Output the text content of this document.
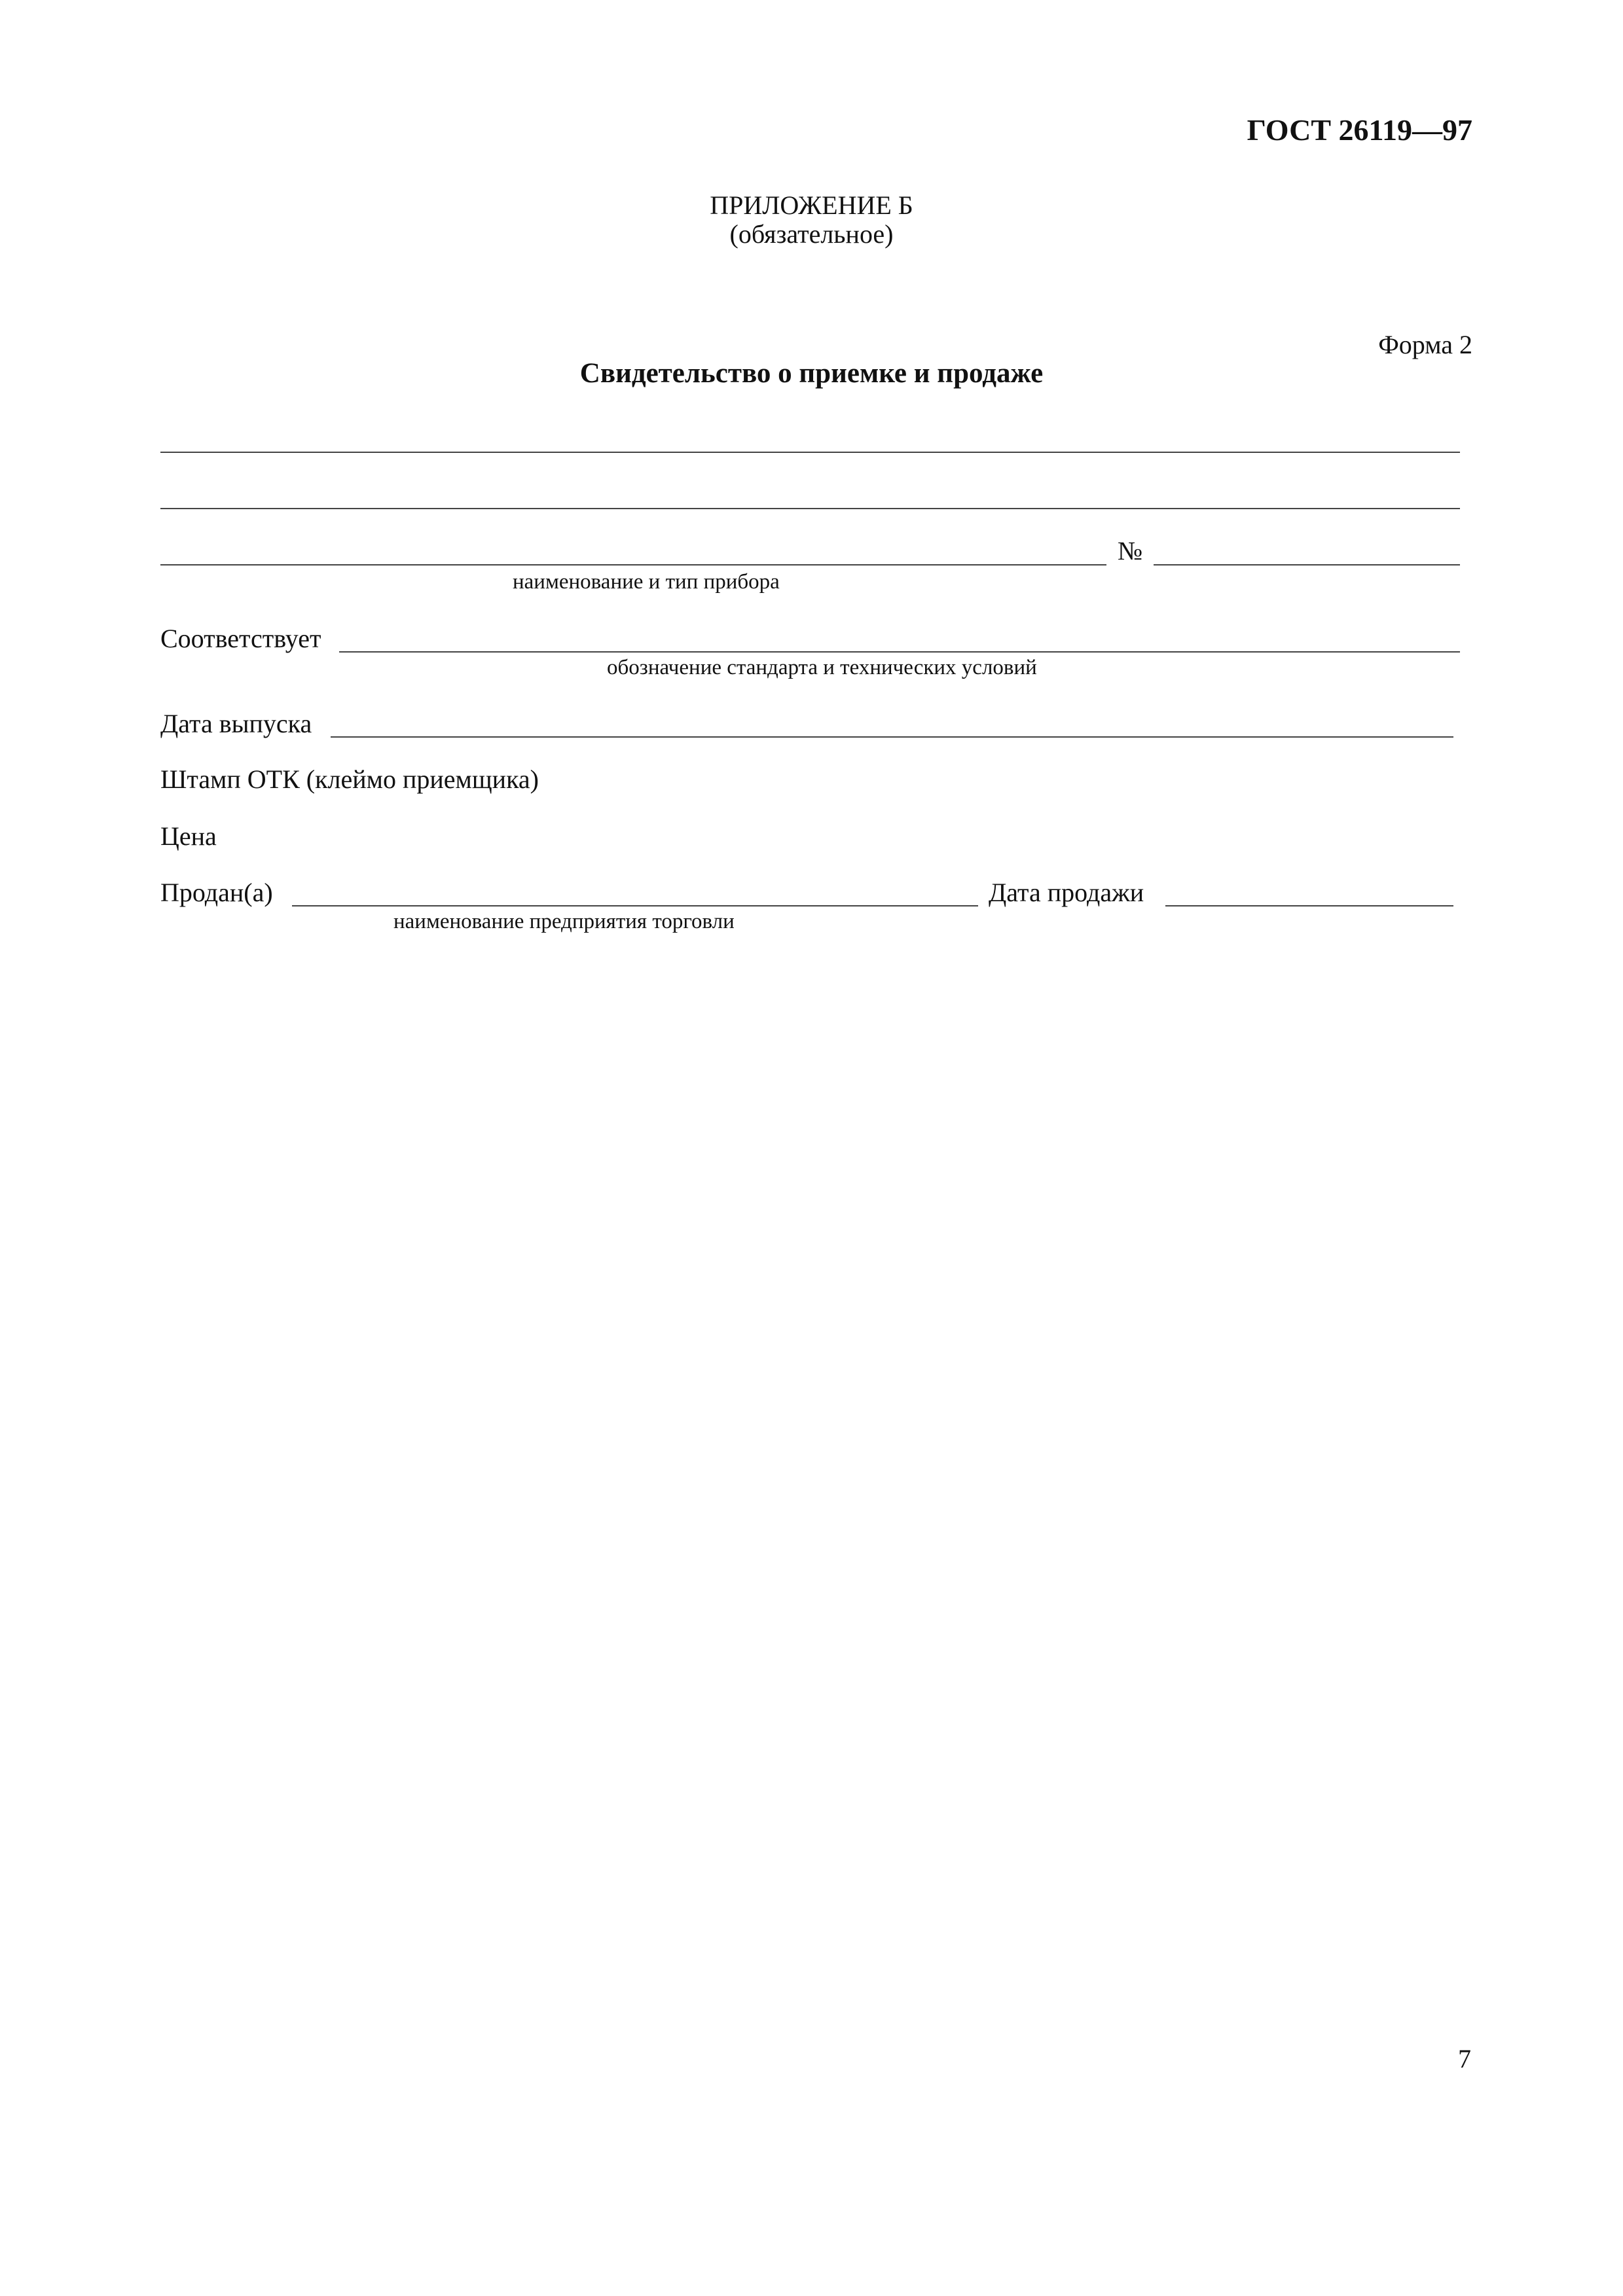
ГОСТ 26119—97
ПРИЛОЖЕНИЕ Б
(обязательное)
Форма 2
Свидетельство о приемке и продаже
№
наименование и тип прибора
Соответствует
обозначение стандарта и технических условий
Дата выпуска
Штамп ОТК (клеймо приемщика)
Цена
Продан(а)
наименование предприятия торговли
Дата продажи
7
